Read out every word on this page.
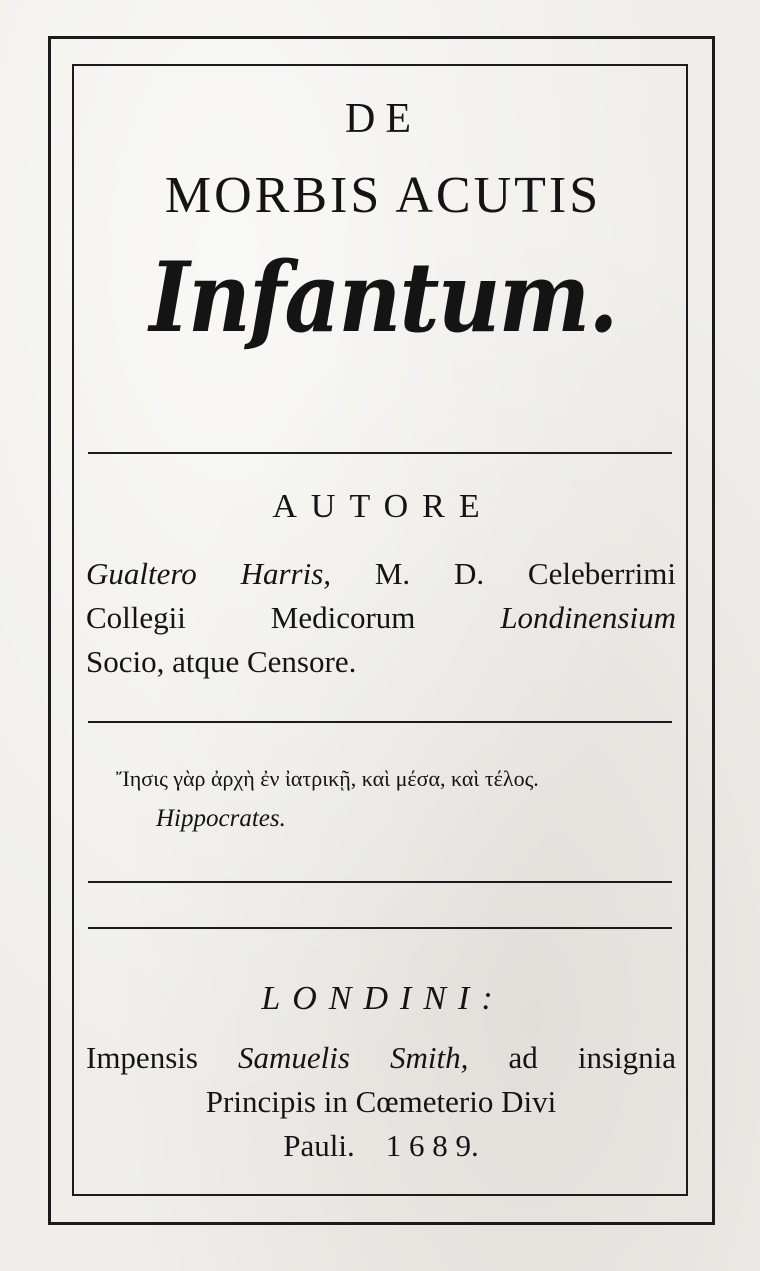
DE
MORBIS ACUTIS
Infantum.
AUTORE
Gualtero Harris, M. D. Celeberrimi
Collegii Medicorum	Londinensium
Socio, atque Censore.
Ἴησις γὰρ ἀρχὴ ἐν ἰατρικῇ, καὶ μέσα, καὶ τέλος.
Hippocrates.
LONDINI:
Impensis Samuelis Smith, ad insignia
Principis in Cœmeterio Divi
Pauli. 1 6 8 9.
